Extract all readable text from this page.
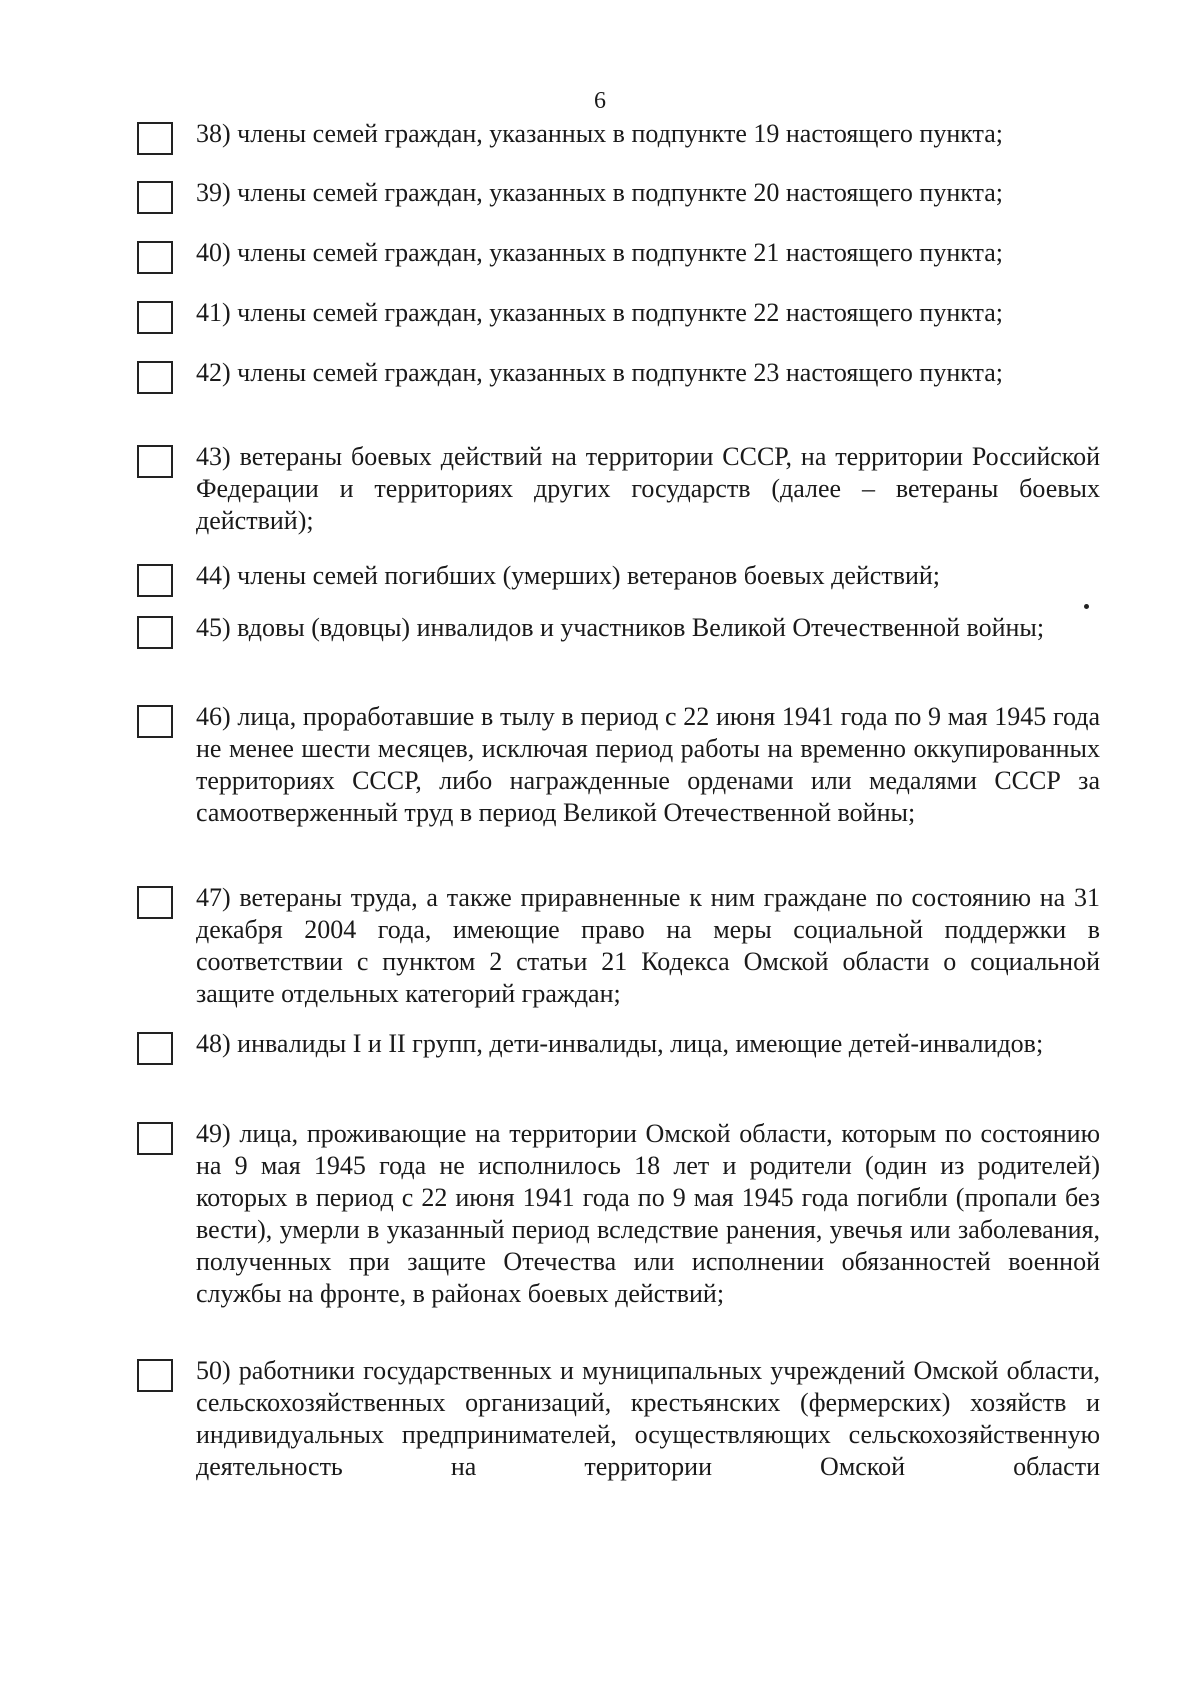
6

38) члены семей граждан, указанных в подпункте 19 настоящего пункта;

39) члены семей граждан, указанных в подпункте 20 настоящего пункта;

40) члены семей граждан, указанных в подпункте 21 настоящего пункта;

41) члены семей граждан, указанных в подпункте 22 настоящего пункта;

42) члены семей граждан, указанных в подпункте 23 настоящего пункта;

43) ветераны боевых действий на территории СССР, на территории Российской Федерации и территориях других государств (далее – ветераны боевых действий);

44) члены семей погибших (умерших) ветеранов боевых действий;

45) вдовы (вдовцы) инвалидов и участников Великой Отечественной войны;

46) лица, проработавшие в тылу в период с 22 июня 1941 года по 9 мая 1945 года не менее шести месяцев, исключая период работы на временно оккупированных территориях СССР, либо награжденные орденами или медалями СССР за самоотверженный труд в период Великой Отечественной войны;

47) ветераны труда, а также приравненные к ним граждане по состоянию на 31 декабря 2004 года, имеющие право на меры социальной поддержки в соответствии с пунктом 2 статьи 21 Кодекса Омской области о социальной защите отдельных категорий граждан;

48) инвалиды I и II групп, дети-инвалиды, лица, имеющие детей-инвалидов;

49) лица, проживающие на территории Омской области, которым по состоянию на 9 мая 1945 года не исполнилось 18 лет и родители (один из родителей) которых в период с 22 июня 1941 года по 9 мая 1945 года погибли (пропали без вести), умерли в указанный период вследствие ранения, увечья или заболевания, полученных при защите Отечества или исполнении обязанностей военной службы на фронте, в районах боевых действий;

50) работники государственных и муниципальных учреждений Омской области, сельскохозяйственных организаций, крестьянских (фермерских) хозяйств и индивидуальных предпринимателей, осуществляющих сельскохозяйственную деятельность на территории Омской области
